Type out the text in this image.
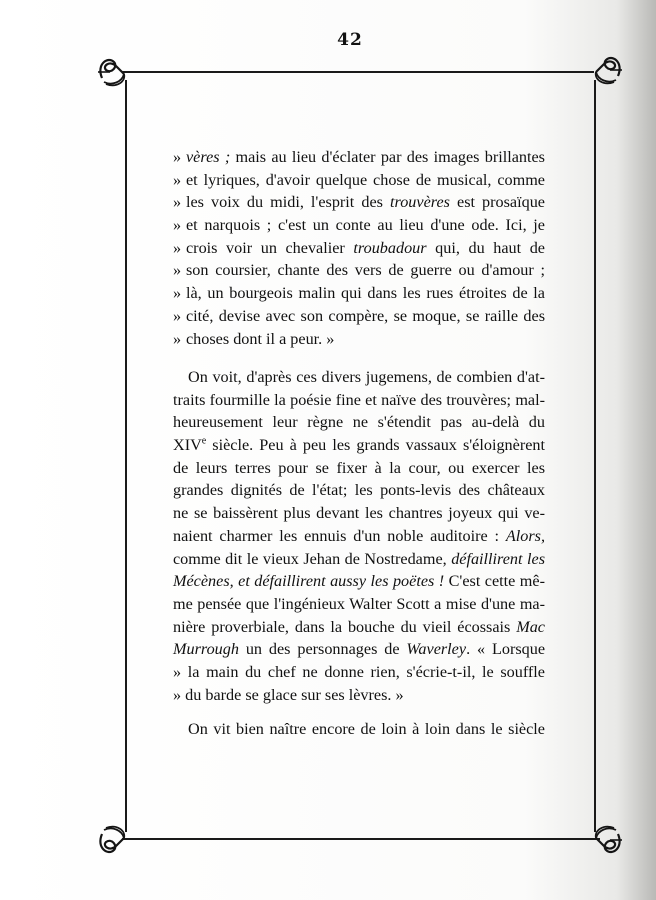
42
» vères ; mais au lieu d'éclater par des images brillantes
» et lyriques, d'avoir quelque chose de musical, comme
» les voix du midi, l'esprit des trouvères est prosaïque
» et narquois ; c'est un conte au lieu d'une ode. Ici, je
» crois voir un chevalier troubadour qui, du haut de
» son coursier, chante des vers de guerre ou d'amour ;
» là, un bourgeois malin qui dans les rues étroites de la
» cité, devise avec son compère, se moque, se raille des
» choses dont il a peur. »
On voit, d'après ces divers jugemens, de combien d'at-
traits fourmille la poésie fine et naïve des trouvères; mal-
heureusement leur règne ne s'étendit pas au-delà du
XIVe siècle. Peu à peu les grands vassaux s'éloignèrent
de leurs terres pour se fixer à la cour, ou exercer les
grandes dignités de l'état; les ponts-levis des châteaux
ne se baissèrent plus devant les chantres joyeux qui ve-
naient charmer les ennuis d'un noble auditoire : Alors,
comme dit le vieux Jehan de Nostredame, défaillirent les
Mécènes, et défaillirent aussy les poëtes ! C'est cette mê-
me pensée que l'ingénieux Walter Scott a mise d'une ma-
nière proverbiale, dans la bouche du vieil écossais Mac
Murrough un des personnages de Waverley. « Lorsque
» la main du chef ne donne rien, s'écrie-t-il, le souffle
» du barde se glace sur ses lèvres. »
On vit bien naître encore de loin à loin dans le siècle
